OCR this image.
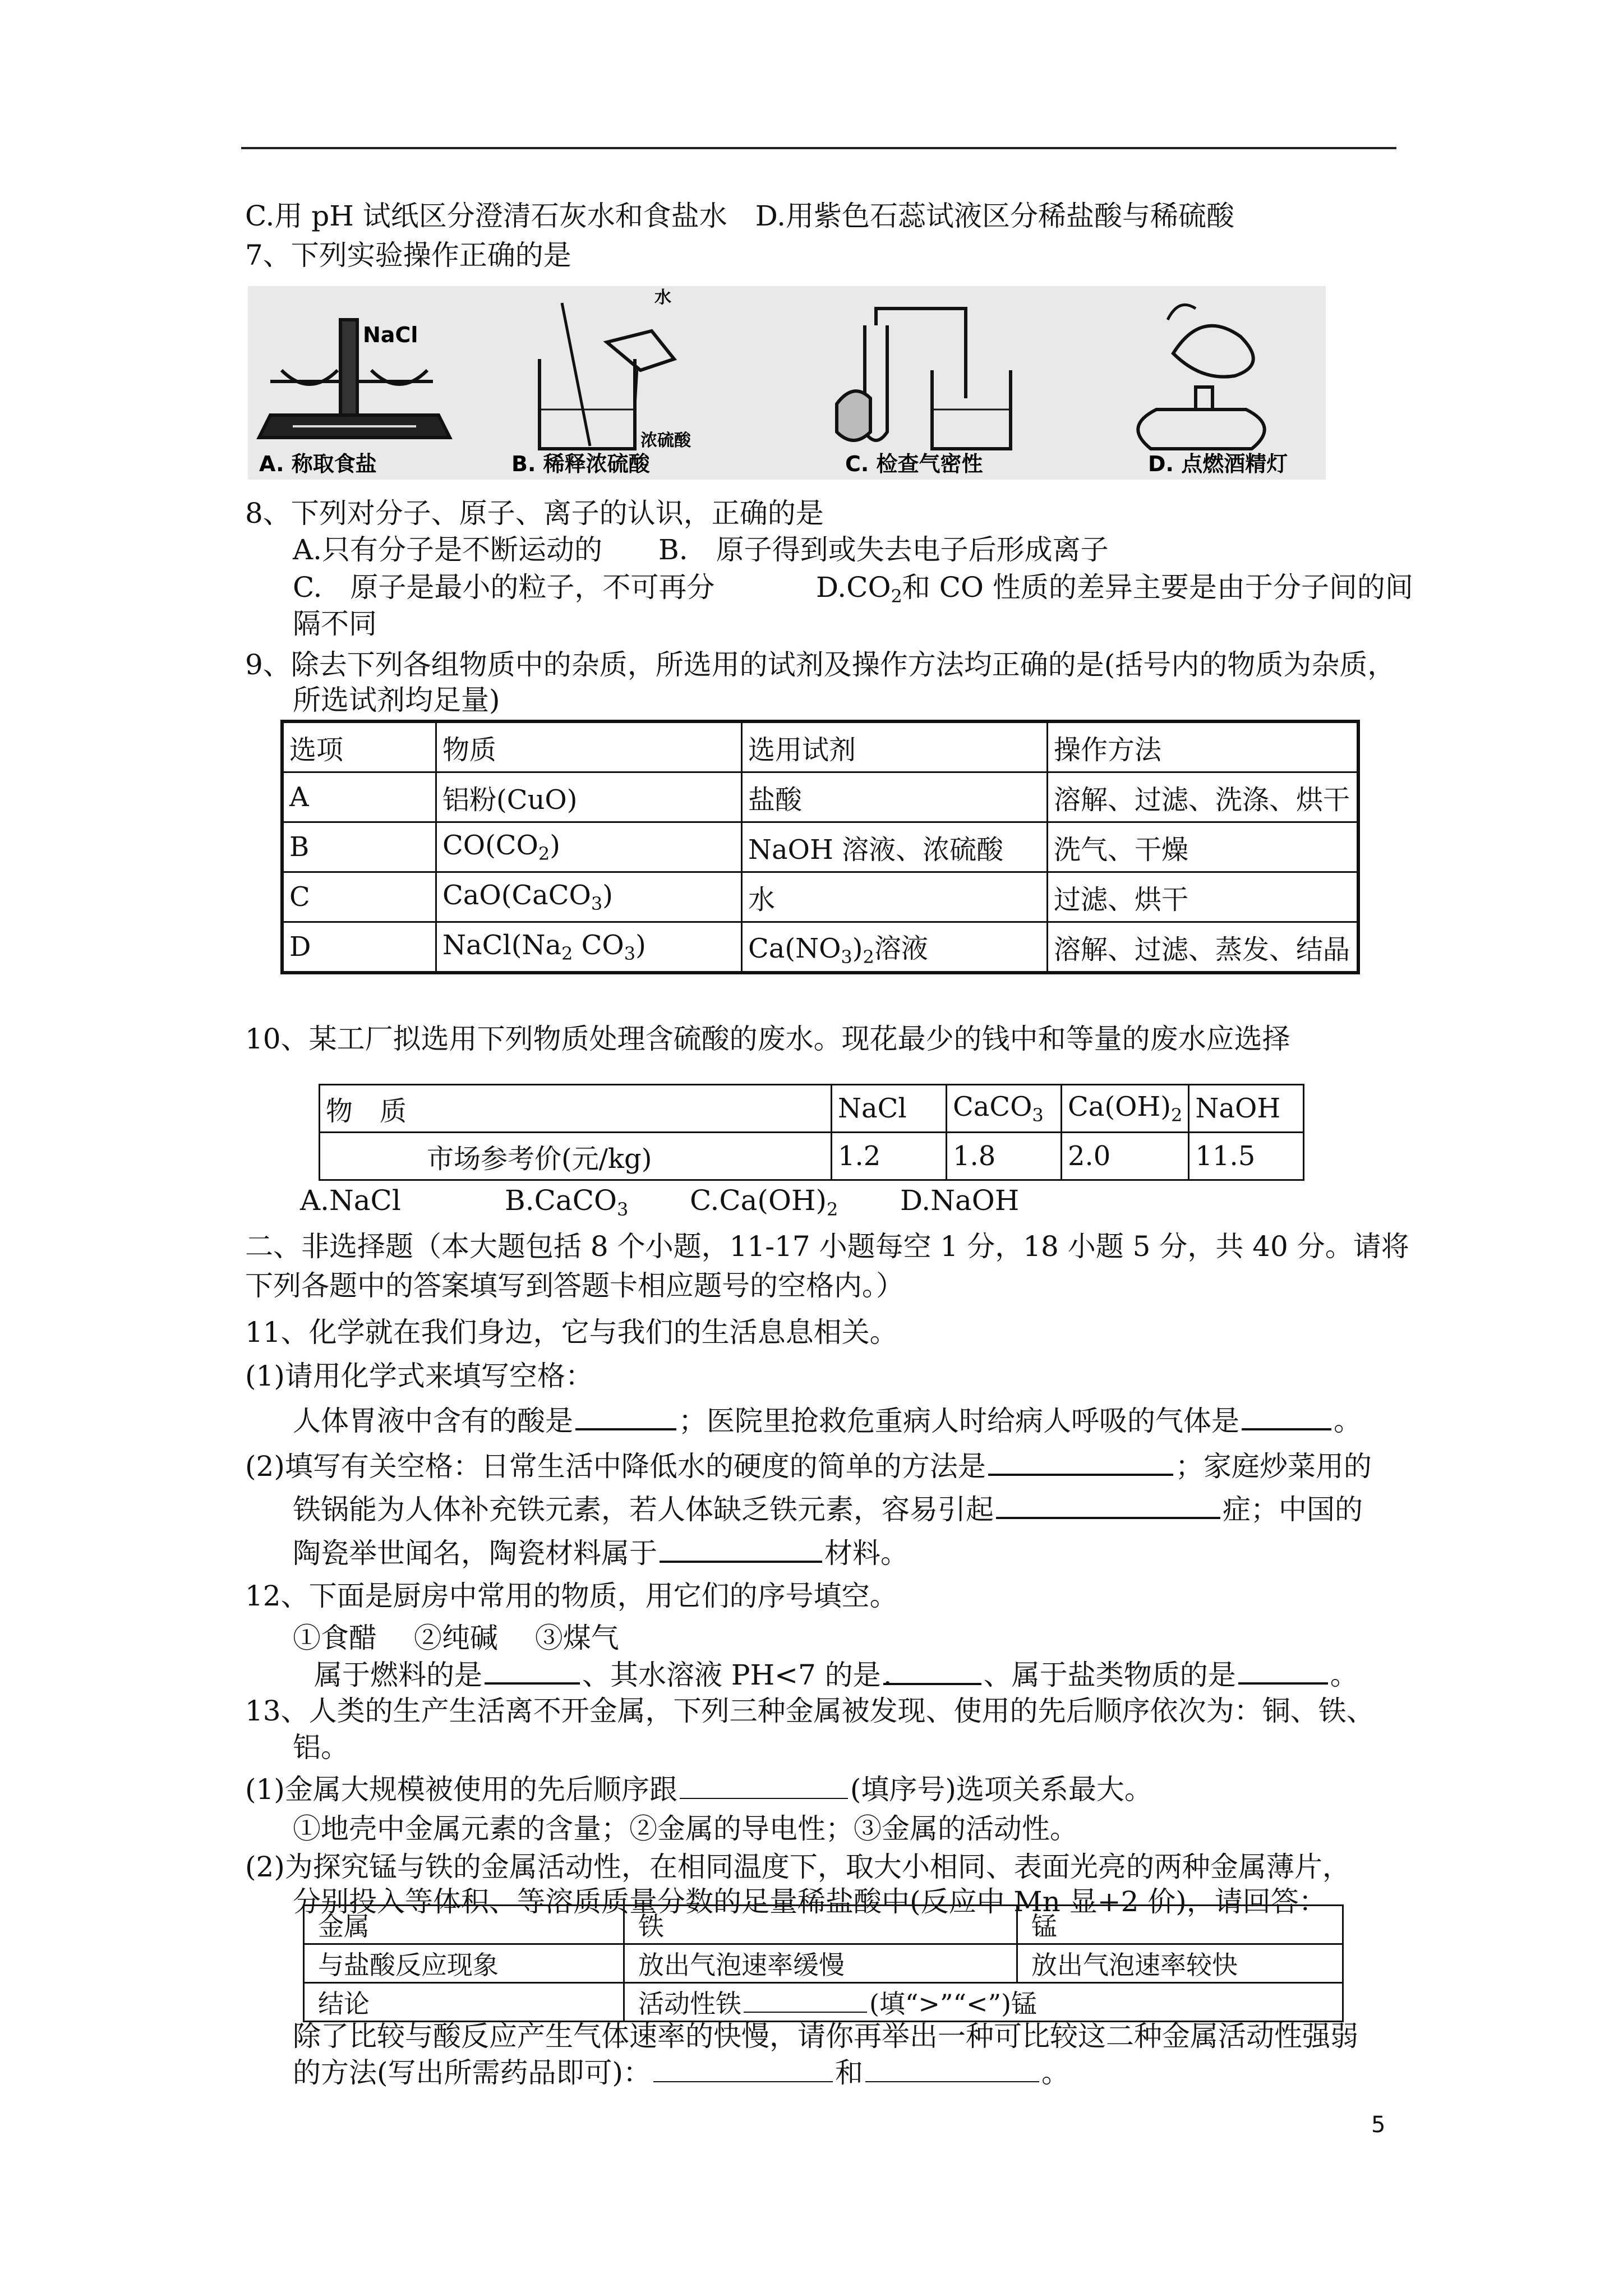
C.用 pH 试纸区分澄清石灰水和食盐水　D.用紫色石蕊试液区分稀盐酸与稀硫酸
7、下列实验操作正确的是
NaCl
A. 称取食盐
水
浓硫酸
B. 稀释浓硫酸	C. 检查气密性	D. 点燃酒精灯
8、下列对分子、原子、离子的认识，正确的是
A.只有分子是不断运动的　　B.　原子得到或失去电子后形成离子
C.　原子是最小的粒子，不可再分	$D.CO_2$和 CO 性质的差异主要是由于分子间的间
隔不同
9、除去下列各组物质中的杂质，所选用的试剂及操作方法均正确的是(括号内的物质为杂质，
所选试剂均足量)
选项	物质	选用试剂	操作方法
A	铝粉(CuO)	盐酸	溶解、过滤、洗涤、烘干
B	$CO(CO_2)$	NaOH 溶液、浓硫酸	洗气、干燥
C	CaO(CaCO$_3$)	水	过滤、烘干
D	$NaCl(Na_2$ $CO_3$)	$Ca(NO_3)_2$溶液	溶解、过滤、蒸发、结晶
10、某工厂拟选用下列物质处理含硫酸的废水。现花最少的钱中和等量的废水应选择
物　质	NaCl	CaCO$_3$	$Ca(OH)_2$	NaOH
市场参考价(元/kg)	1.2	1.8	2.0	11.5
A.NaCl	B.CaCO$_3$ $C.Ca(OH)_2$ D.NaOH
二、非选择题（本大题包括 8 个小题，11-17 小题每空 1 分，18 小题 5 分，共 40 分。请将
下列各题中的答案填写到答题卡相应题号的空格内。）
11、化学就在我们身边，它与我们的生活息息相关。
(1)请用化学式来填写空格：
人体胃液中含有的酸是	；医院里抢救危重病人时给病人呼吸的气体是	。
(2)填写有关空格：日常生活中降低水的硬度的简单的方法是	；家庭炒菜用的
铁锅能为人体补充铁元素，若人体缺乏铁元素，容易引起	症；中国的
陶瓷举世闻名，陶瓷材料属于	材料。
12、下面是厨房中常用的物质，用它们的序号填空。
①食醋　 ②纯碱　 ③煤气
属于燃料的是	、其水溶液 PH<7 的是.	、属于盐类物质的是	。
13、人类的生产生活离不开金属，下列三种金属被发现、使用的先后顺序依次为：铜、铁、
铝。
(1)金属大规模被使用的先后顺序跟	(填序号)选项关系最大。
①地壳中金属元素的含量；②金属的导电性；③金属的活动性。
(2)为探究锰与铁的金属活动性，在相同温度下，取大小相同、表面光亮的两种金属薄片，
分别投入等体积、等溶质质量分数的足量稀盐酸中(反应中 Mn 显+2 价)，请回答：
金属	铁	锰
与盐酸反应现象	放出气泡速率缓慢	放出气泡速率较快
结论	活动性铁 (填“>”“<”)锰	
除了比较与酸反应产生气体速率的快慢，请你再举出一种可比较这二种金属活动性强弱
的方法(写出所需药品即可)：	和	。
5
